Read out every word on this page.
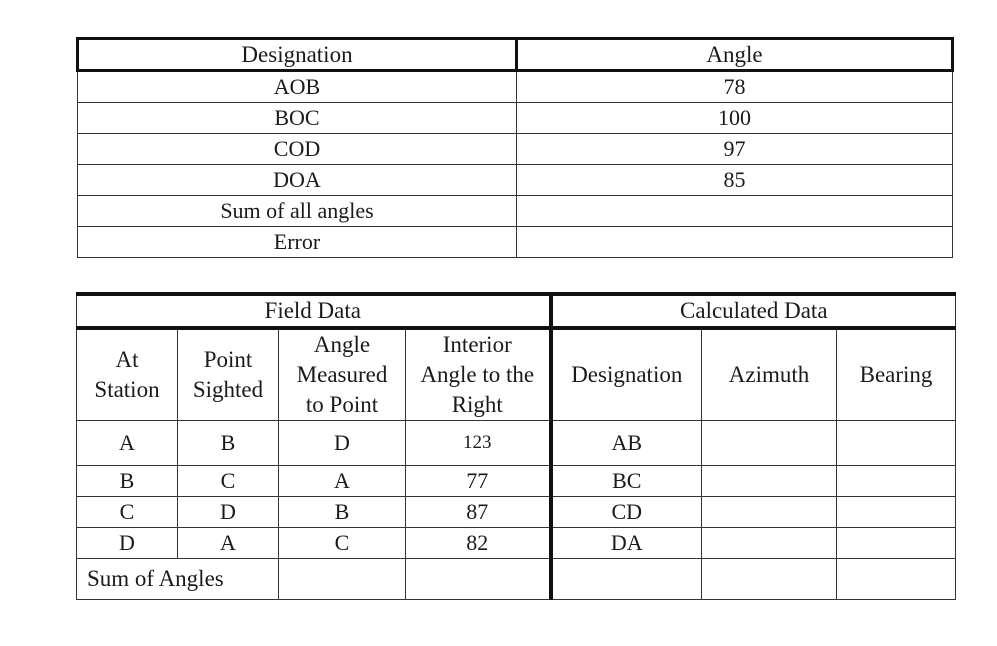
Designation	Angle
AOB	78
BOC	100
COD	97
DOA	85
Sum of all angles	
Error	
Field Data				Calculated Data		
At Station	Point Sighted	Angle Measured to Point	Interior Angle to the Right	Designation	Azimuth	Bearing
A	B	D	123	AB		
B	C	A	77	BC		
C	D	B	87	CD		
D	A	C	82	DA		
Sum of Angles						
